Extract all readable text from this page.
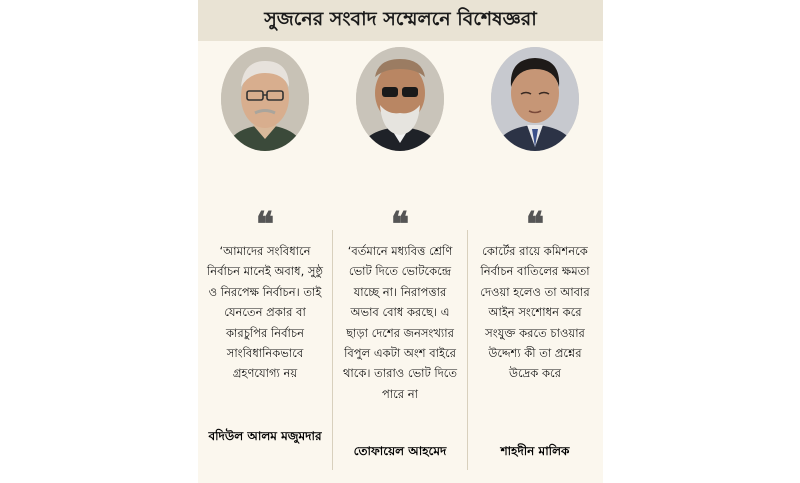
সুজনের সংবাদ সম্মেলনে বিশেষজ্ঞরা
❝
‘আমাদের সংবিধানে নির্বাচন মানেই অবাধ, সুষ্ঠু ও নিরপেক্ষ নির্বাচন। তাই যেনতেন প্রকার বা কারচুপির নির্বাচন সাংবিধানিকভাবে গ্রহণযোগ্য নয়
বদিউল আলম মজুমদার
❝
‘বর্তমানে মধ্যবিত্ত শ্রেণি ভোট দিতে ভোটকেন্দ্রে যাচ্ছে না। নিরাপত্তার অভাব বোধ করছে। এ ছাড়া দেশের জনসংখ্যার বিপুল একটা অংশ বাইরে থাকে। তারাও ভোট দিতে পারে না
তোফায়েল আহমেদ
❝
কোর্টের রায়ে কমিশনকে নির্বাচন বাতিলের ক্ষমতা দেওয়া হলেও তা আবার আইন সংশোধন করে সংযুক্ত করতে চাওয়ার উদ্দেশ্য কী তা প্রশ্নের উদ্রেক করে
শাহদীন মালিক
